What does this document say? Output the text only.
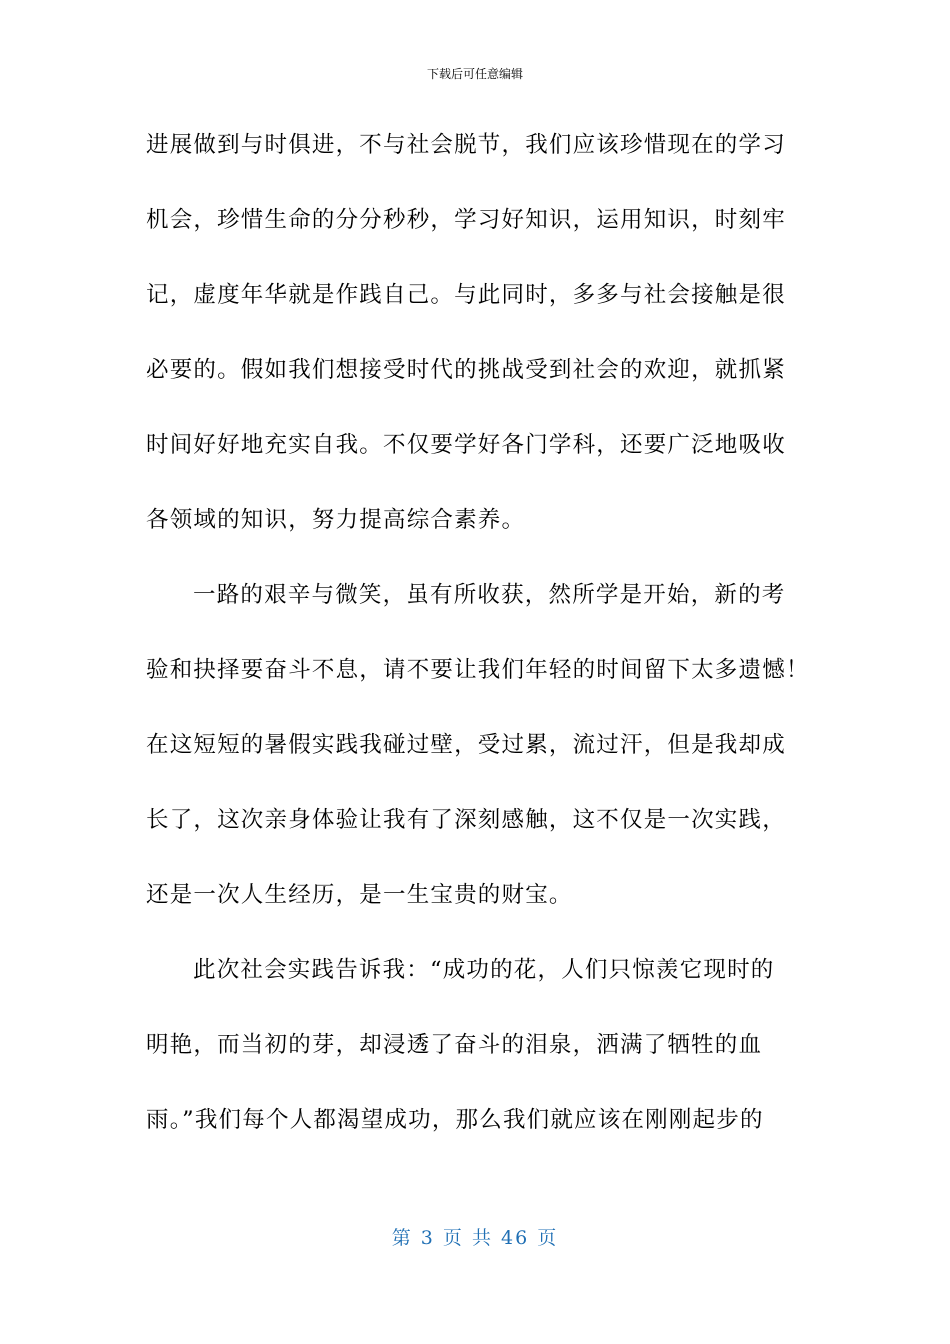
下载后可任意编辑
进展做到与时俱进，不与社会脱节，我们应该珍惜现在的学习
机会，珍惜生命的分分秒秒，学习好知识，运用知识，时刻牢
记，虚度年华就是作践自己。与此同时，多多与社会接触是很
必要的。假如我们想接受时代的挑战受到社会的欢迎，就抓紧
时间好好地充实自我。不仅要学好各门学科，还要广泛地吸收
各领域的知识，努力提高综合素养。
一路的艰辛与微笑，虽有所收获，然所学是开始，新的考
验和抉择要奋斗不息，请不要让我们年轻的时间留下太多遗憾！
在这短短的暑假实践我碰过壁，受过累，流过汗，但是我却成
长了，这次亲身体验让我有了深刻感触，这不仅是一次实践，
还是一次人生经历，是一生宝贵的财宝。
此次社会实践告诉我：“成功的花，人们只惊羡它现时的
明艳，而当初的芽，却浸透了奋斗的泪泉，洒满了牺牲的血
雨。”我们每个人都渴望成功，那么我们就应该在刚刚起步的
第 3 页 共 46 页
